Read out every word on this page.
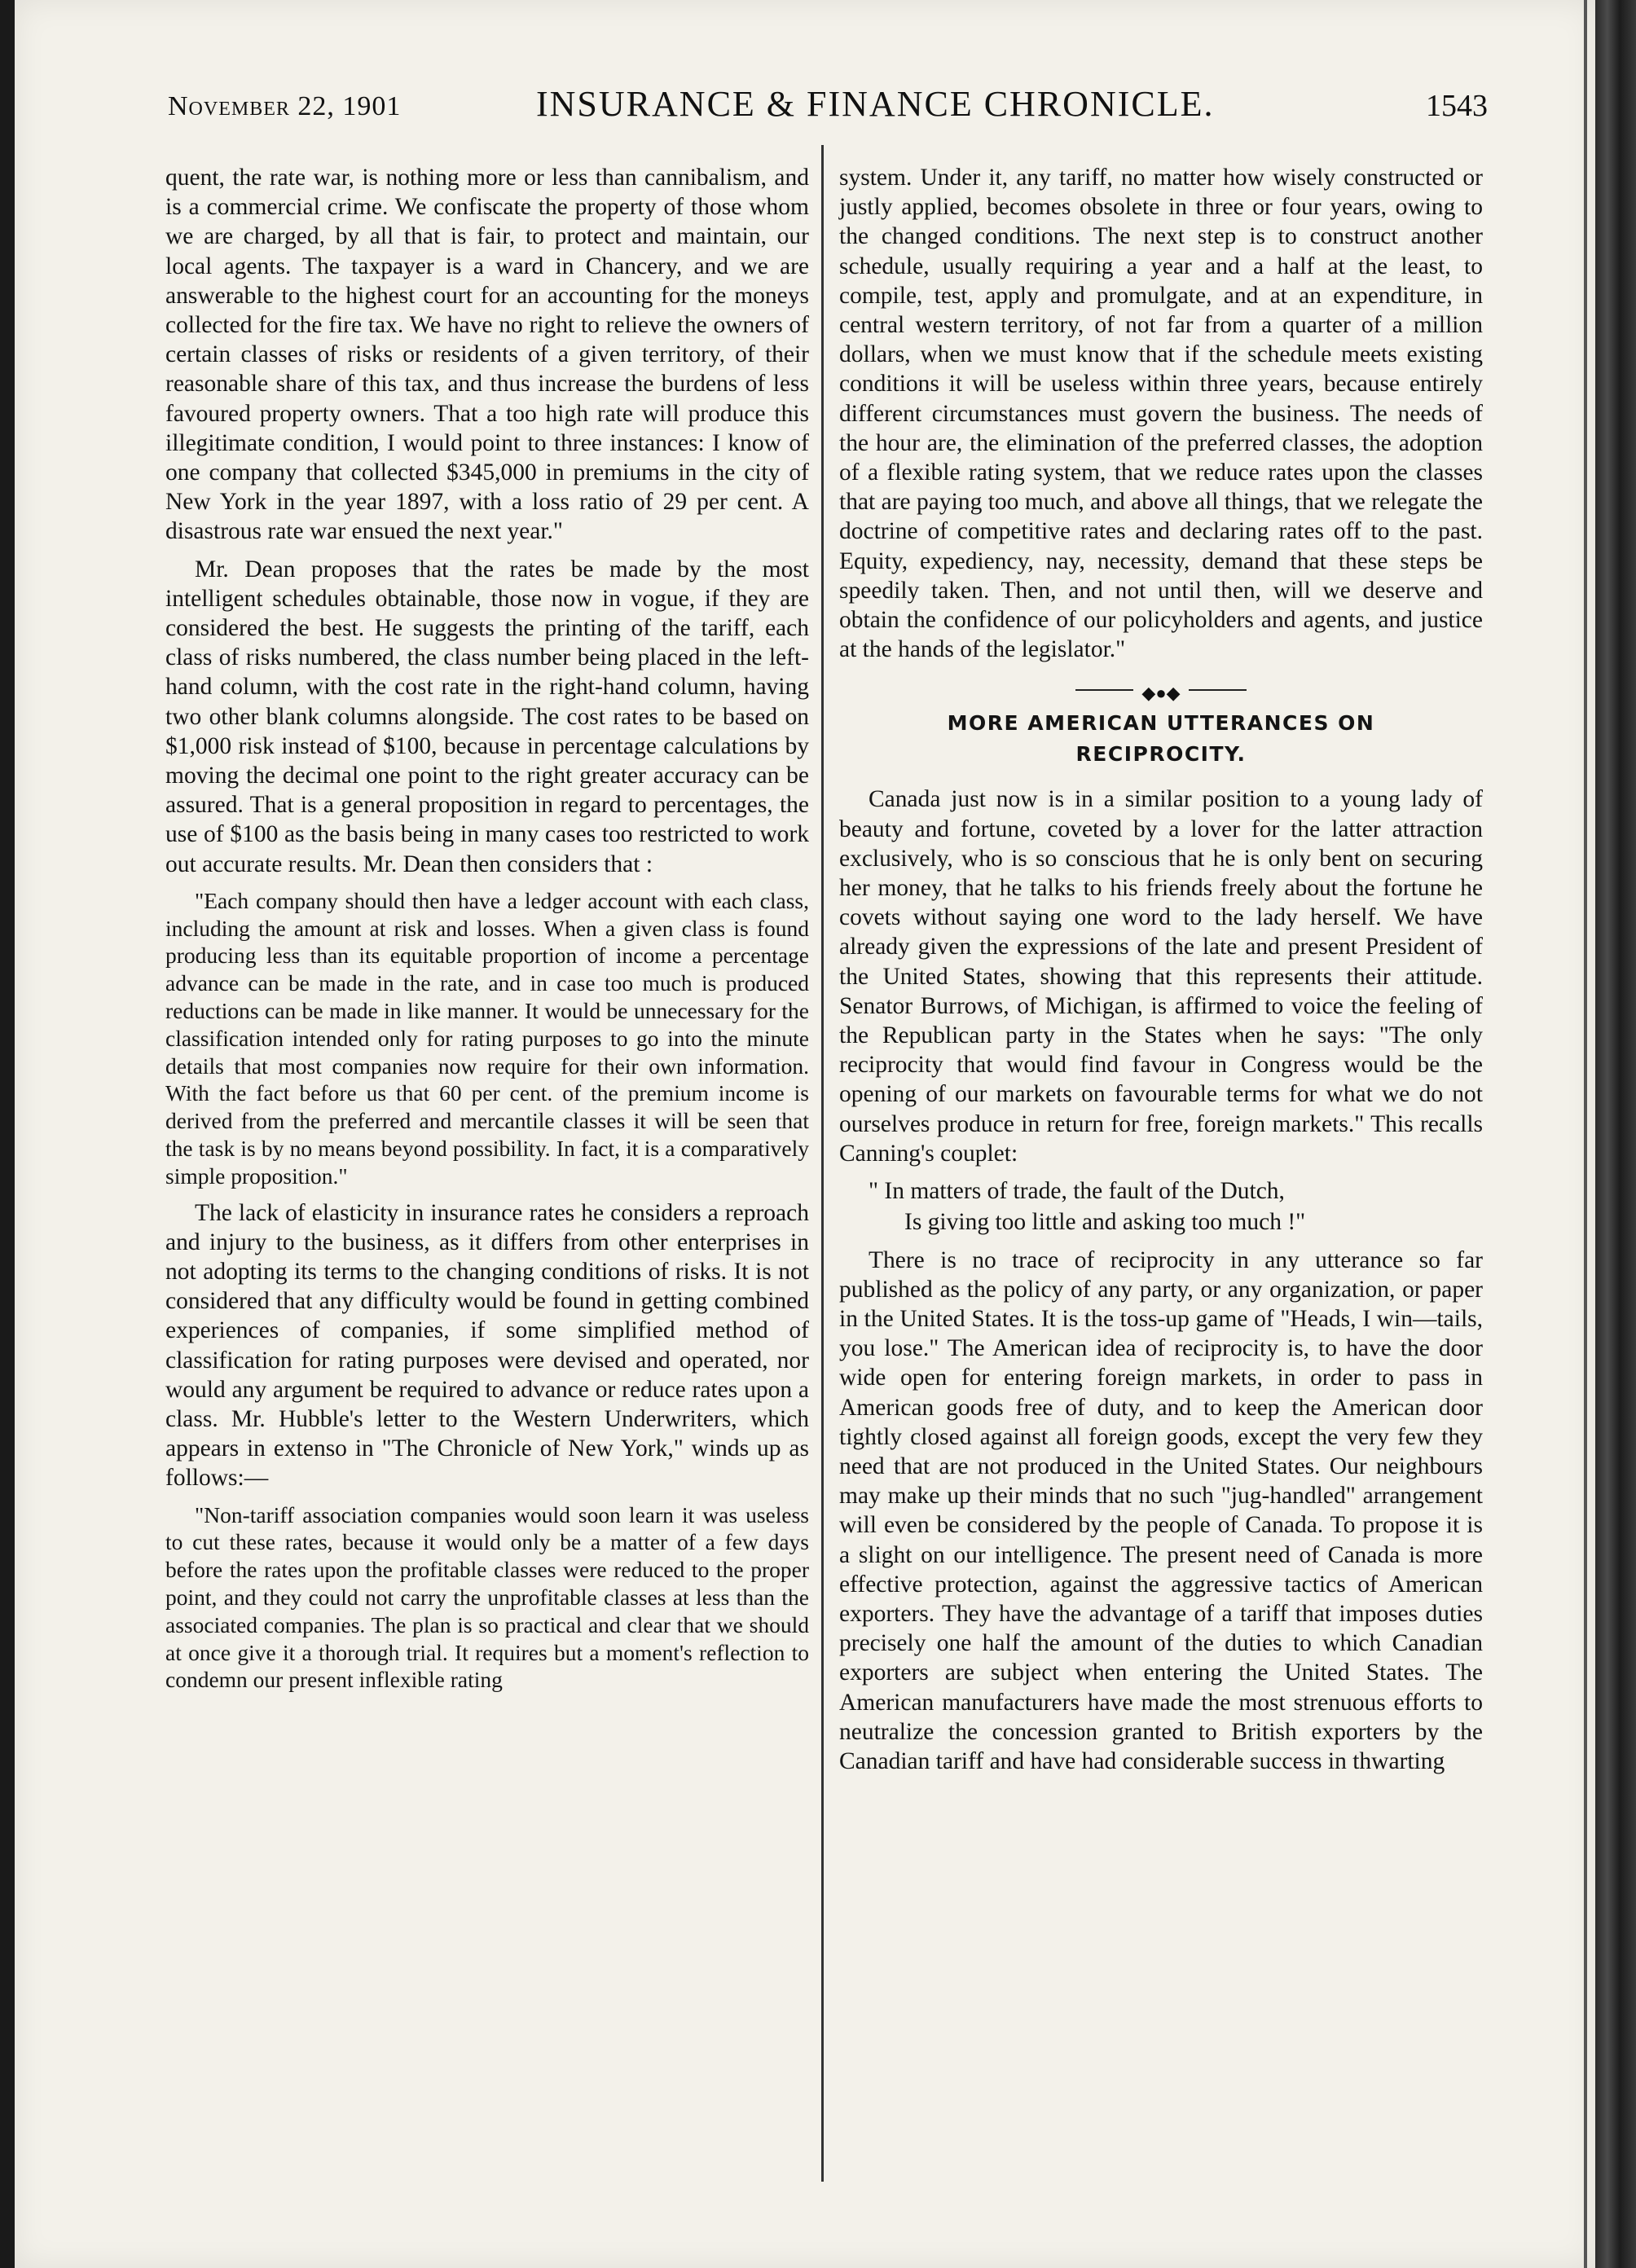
November 22, 1901	INSURANCE & FINANCE CHRONICLE.	1543

quent, the rate war, is nothing more or less than cannibalism, and is a commercial crime. We confiscate the property of those whom we are charged, by all that is fair, to protect and maintain, our local agents. The taxpayer is a ward in Chancery, and we are answerable to the highest court for an accounting for the moneys collected for the fire tax. We have no right to relieve the owners of certain classes of risks or residents of a given territory, of their reasonable share of this tax, and thus increase the burdens of less favoured property owners. That a too high rate will produce this illegitimate condition, I would point to three instances: I know of one company that collected $345,000 in premiums in the city of New York in the year 1897, with a loss ratio of 29 per cent. A disastrous rate war ensued the next year."

Mr. Dean proposes that the rates be made by the most intelligent schedules obtainable, those now in vogue, if they are considered the best. He suggests the printing of the tariff, each class of risks numbered, the class number being placed in the left-hand column, with the cost rate in the right-hand column, having two other blank columns alongside. The cost rates to be based on $1,000 risk instead of $100, because in percentage calculations by moving the decimal one point to the right greater accuracy can be assured. That is a general proposition in regard to percentages, the use of $100 as the basis being in many cases too restricted to work out accurate results. Mr. Dean then considers that :

"Each company should then have a ledger account with each class, including the amount at risk and losses. When a given class is found producing less than its equitable proportion of income a percentage advance can be made in the rate, and in case too much is produced reductions can be made in like manner. It would be unnecessary for the classification intended only for rating purposes to go into the minute details that most companies now require for their own information. With the fact before us that 60 per cent. of the premium income is derived from the preferred and mercantile classes it will be seen that the task is by no means beyond possibility. In fact, it is a comparatively simple proposition."

The lack of elasticity in insurance rates he considers a reproach and injury to the business, as it differs from other enterprises in not adopting its terms to the changing conditions of risks. It is not considered that any difficulty would be found in getting combined experiences of companies, if some simplified method of classification for rating purposes were devised and operated, nor would any argument be required to advance or reduce rates upon a class. Mr. Hubble's letter to the Western Underwriters, which appears in extenso in "The Chronicle of New York," winds up as follows:—

"Non-tariff association companies would soon learn it was useless to cut these rates, because it would only be a matter of a few days before the rates upon the profitable classes were reduced to the proper point, and they could not carry the unprofitable classes at less than the associated companies. The plan is so practical and clear that we should at once give it a thorough trial. It requires but a moment's reflection to condemn our present inflexible rating

system. Under it, any tariff, no matter how wisely constructed or justly applied, becomes obsolete in three or four years, owing to the changed conditions. The next step is to construct another schedule, usually requiring a year and a half at the least, to compile, test, apply and promulgate, and at an expenditure, in central western territory, of not far from a quarter of a million dollars, when we must know that if the schedule meets existing conditions it will be useless within three years, because entirely different circumstances must govern the business. The needs of the hour are, the elimination of the preferred classes, the adoption of a flexible rating system, that we reduce rates upon the classes that are paying too much, and above all things, that we relegate the doctrine of competitive rates and declaring rates off to the past. Equity, expediency, nay, necessity, demand that these steps be speedily taken. Then, and not until then, will we deserve and obtain the confidence of our policyholders and agents, and justice at the hands of the legislator."

◆●◆
MORE AMERICAN UTTERANCES ON
RECIPROCITY.

Canada just now is in a similar position to a young lady of beauty and fortune, coveted by a lover for the latter attraction exclusively, who is so conscious that he is only bent on securing her money, that he talks to his friends freely about the fortune he covets without saying one word to the lady herself. We have already given the expressions of the late and present President of the United States, showing that this represents their attitude. Senator Burrows, of Michigan, is affirmed to voice the feeling of the Republican party in the States when he says: "The only reciprocity that would find favour in Congress would be the opening of our markets on favourable terms for what we do not ourselves produce in return for free, foreign markets." This recalls Canning's couplet:

" In matters of trade, the fault of the Dutch,
Is giving too little and asking too much !"

There is no trace of reciprocity in any utterance so far published as the policy of any party, or any organization, or paper in the United States. It is the toss-up game of "Heads, I win—tails, you lose." The American idea of reciprocity is, to have the door wide open for entering foreign markets, in order to pass in American goods free of duty, and to keep the American door tightly closed against all foreign goods, except the very few they need that are not produced in the United States. Our neighbours may make up their minds that no such "jug-handled" arrangement will even be considered by the people of Canada. To propose it is a slight on our intelligence. The present need of Canada is more effective protection, against the aggressive tactics of American exporters. They have the advantage of a tariff that imposes duties precisely one half the amount of the duties to which Canadian exporters are subject when entering the United States. The American manufacturers have made the most strenuous efforts to neutralize the concession granted to British exporters by the Canadian tariff and have had considerable success in thwarting
